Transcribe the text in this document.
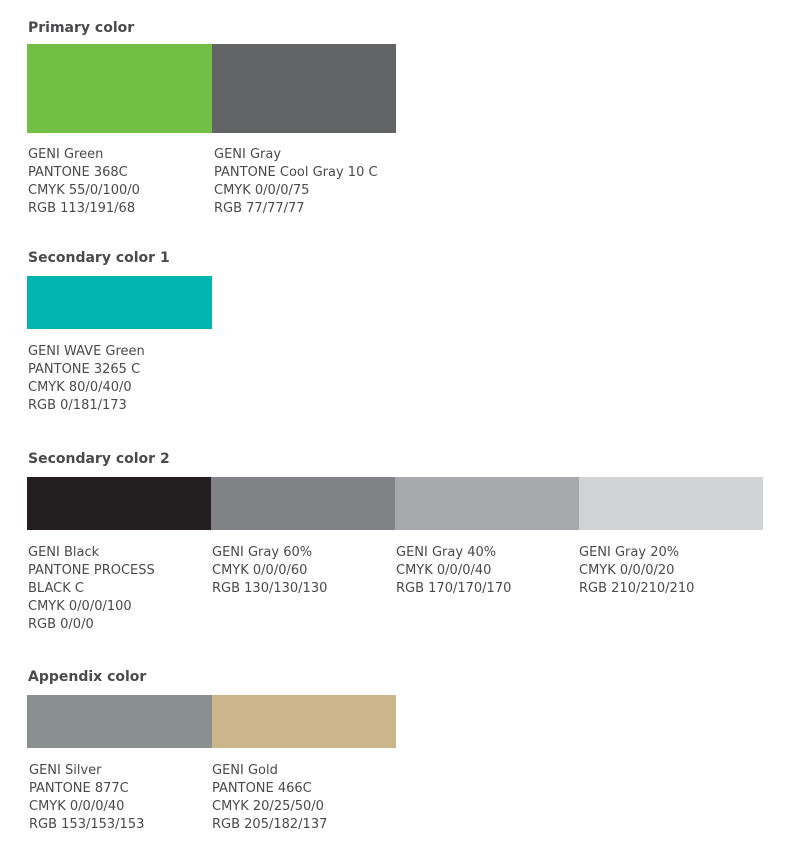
Primary color
GENI Green
PANTONE 368C
CMYK 55/0/100/0
RGB 113/191/68
GENI Gray
PANTONE Cool Gray 10 C
CMYK 0/0/0/75
RGB 77/77/77
Secondary color 1
GENI WAVE Green
PANTONE 3265 C
CMYK 80/0/40/0
RGB 0/181/173
Secondary color 2
GENI Black
PANTONE PROCESS
BLACK C
CMYK 0/0/0/100
RGB 0/0/0
GENI Gray 60%
CMYK 0/0/0/60
RGB 130/130/130
GENI Gray 40%
CMYK 0/0/0/40
RGB 170/170/170
GENI Gray 20%
CMYK 0/0/0/20
RGB 210/210/210
Appendix color
GENI Silver
PANTONE 877C
CMYK 0/0/0/40
RGB 153/153/153
GENI Gold
PANTONE 466C
CMYK 20/25/50/0
RGB 205/182/137
